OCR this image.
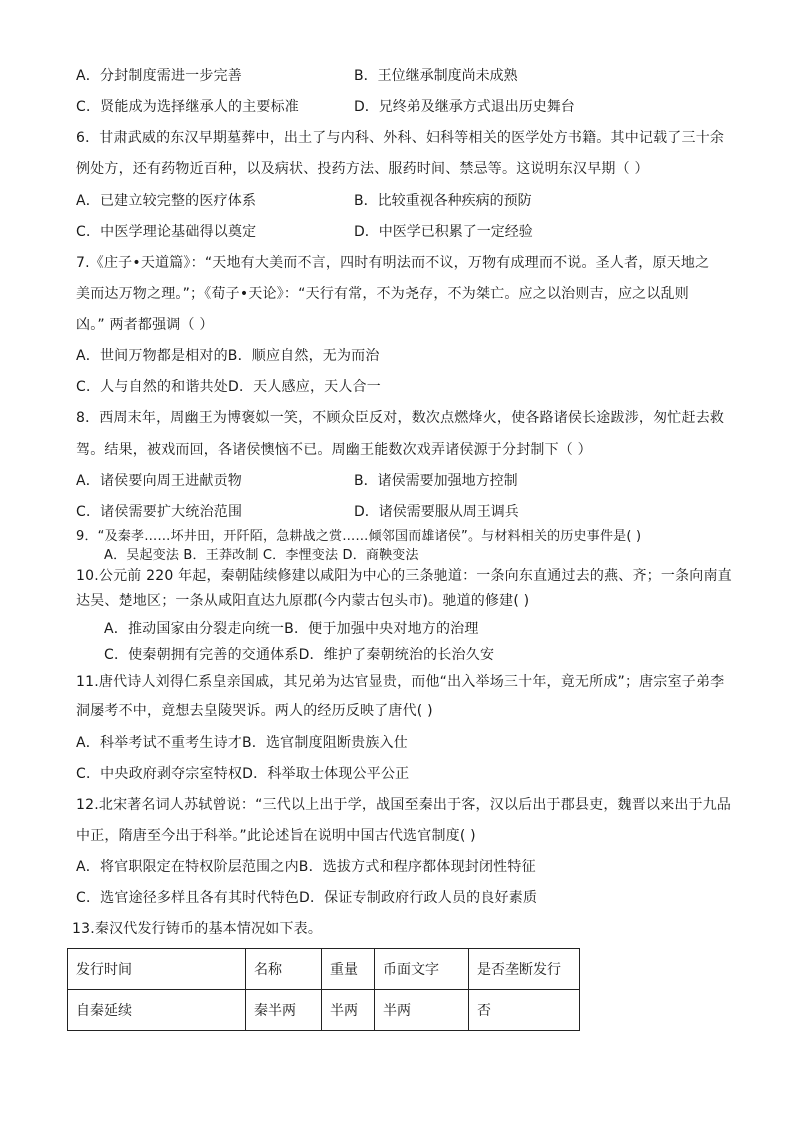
A．分封制度需进一步完善	B．王位继承制度尚未成熟
C．贤能成为选择继承人的主要标准	D．兄终弟及继承方式退出历史舞台
6．甘肃武威的东汉早期墓葬中，出土了与内科、外科、妇科等相关的医学处方书籍。其中记载了三十余
例处方，还有药物近百种，以及病状、投药方法、服药时间、禁忌等。这说明东汉早期（ ）
A．已建立较完整的医疗体系	B．比较重视各种疾病的预防
C．中医学理论基础得以奠定	D．中医学已积累了一定经验
7.《庄子•天道篇》：“天地有大美而不言，四时有明法而不议，万物有成理而不说。圣人者，原天地之
美而达万物之理。”；《荀子•天论》：“天行有常，不为尧存，不为桀亡。应之以治则吉，应之以乱则
凶。” 两者都强调（ ）
A．世间万物都是相对的B．顺应自然，无为而治
C．人与自然的和谐共处D．天人感应，天人合一
8．西周末年，周幽王为博褒姒一笑，不顾众臣反对，数次点燃烽火，使各路诸侯长途跋涉，匆忙赶去救
驾。结果，被戏而回，各诸侯懊恼不已。周幽王能数次戏弄诸侯源于分封制下（ ）
A．诸侯要向周王进献贡物	B．诸侯需要加强地方控制
C．诸侯需要扩大统治范围	D．诸侯需要服从周王调兵
9．“及秦孝……坏井田，开阡陌，急耕战之赏……倾邻国而雄诸侯”。与材料相关的历史事件是( )
A．吴起变法 B．王莽改制 C．李悝变法 D．商鞅变法
10.公元前 220 年起，秦朝陆续修建以咸阳为中心的三条驰道：一条向东直通过去的燕、齐；一条向南直
达吴、楚地区；一条从咸阳直达九原郡(今内蒙古包头市)。驰道的修建( )
A．推动国家由分裂走向统一B．便于加强中央对地方的治理
C．使秦朝拥有完善的交通体系D．维护了秦朝统治的长治久安
11.唐代诗人刘得仁系皇亲国戚，其兄弟为达官显贵，而他“出入举场三十年，竟无所成”；唐宗室子弟李
洞屡考不中，竟想去皇陵哭诉。两人的经历反映了唐代( )
A．科举考试不重考生诗才B．选官制度阻断贵族入仕
C．中央政府剥夺宗室特权D．科举取士体现公平公正
12.北宋著名词人苏轼曾说：“三代以上出于学，战国至秦出于客，汉以后出于郡县吏，魏晋以来出于九品
中正，隋唐至今出于科举。”此论述旨在说明中国古代选官制度( )
A．将官职限定在特权阶层范围之内B．选拔方式和程序都体现封闭性特征
C．选官途径多样且各有其时代特色D．保证专制政府行政人员的良好素质
13.秦汉代发行铸币的基本情况如下表。
发行时间	名称	重量	币面文字	是否垄断发行
自秦延续	秦半两	半两	半两	否
